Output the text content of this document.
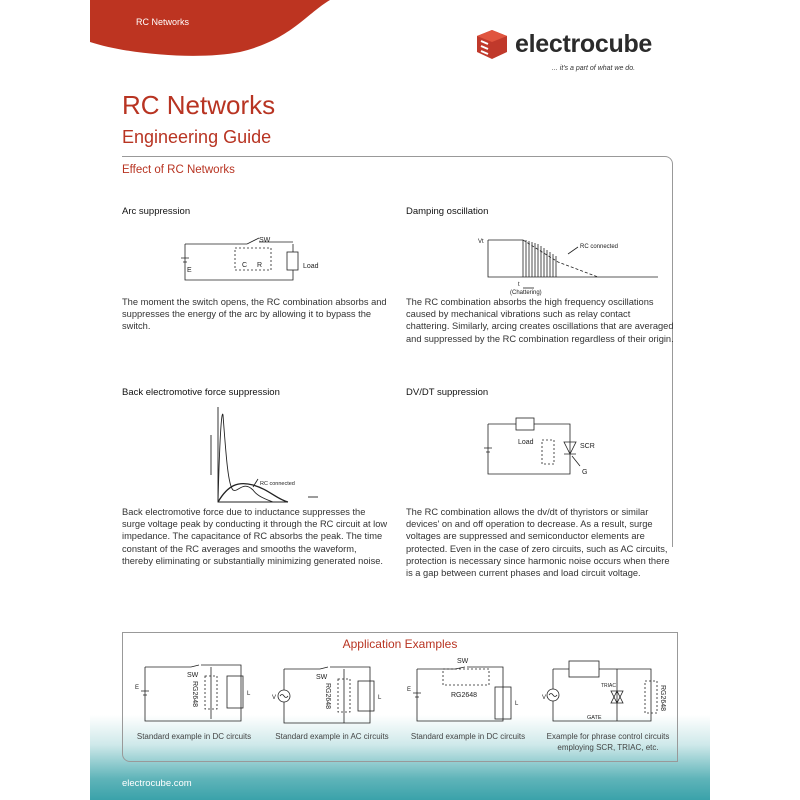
RC Networks
electrocube
... it's a part of what we do.
RC Networks
Engineering Guide
Effect of RC Networks
Arc suppression
SW
C R
E
Load
The moment the switch opens, the RC combination absorbs and suppresses the energy of the arc by allowing it to bypass the switch.
Damping oscillation
Vt
RC connected
t
(Chattering)
The RC combination absorbs the high frequency oscillations caused by mechanical vibrations such as relay contact chattering. Similarly, arcing creates oscillations that are averaged and suppressed by the RC combination regardless of their origin.
Back electromotive force suppression
RC connected
Back electromotive force due to inductance suppresses the surge voltage peak by conducting it through the RC circuit at low impedance. The capacitance of RC absorbs the peak. The time constant of the RC averages and smooths the waveform, thereby eliminating or substantially minimizing generated noise.
DV/DT suppression
Load
SCR
G
The RC combination allows the dv/dt of thyristors or similar devices' on and off operation to decrease. As a result, surge voltages are suppressed and semiconductor elements are protected. Even in the case of zero circuits, such as AC circuits, protection is necessary since harmonic noise occurs when there is a gap between current phases and load circuit voltage.
Application Examples
E
SW
RG2648	L
Standard example in DC circuits
V
SW
RG2648	L
Standard example in AC circuits
E
SW
RG2648
L
Standard example in DC circuits
V
TRIAC
GATE
RG2648
Example for phrase control circuits employing SCR, TRIAC, etc.
electrocube.com
